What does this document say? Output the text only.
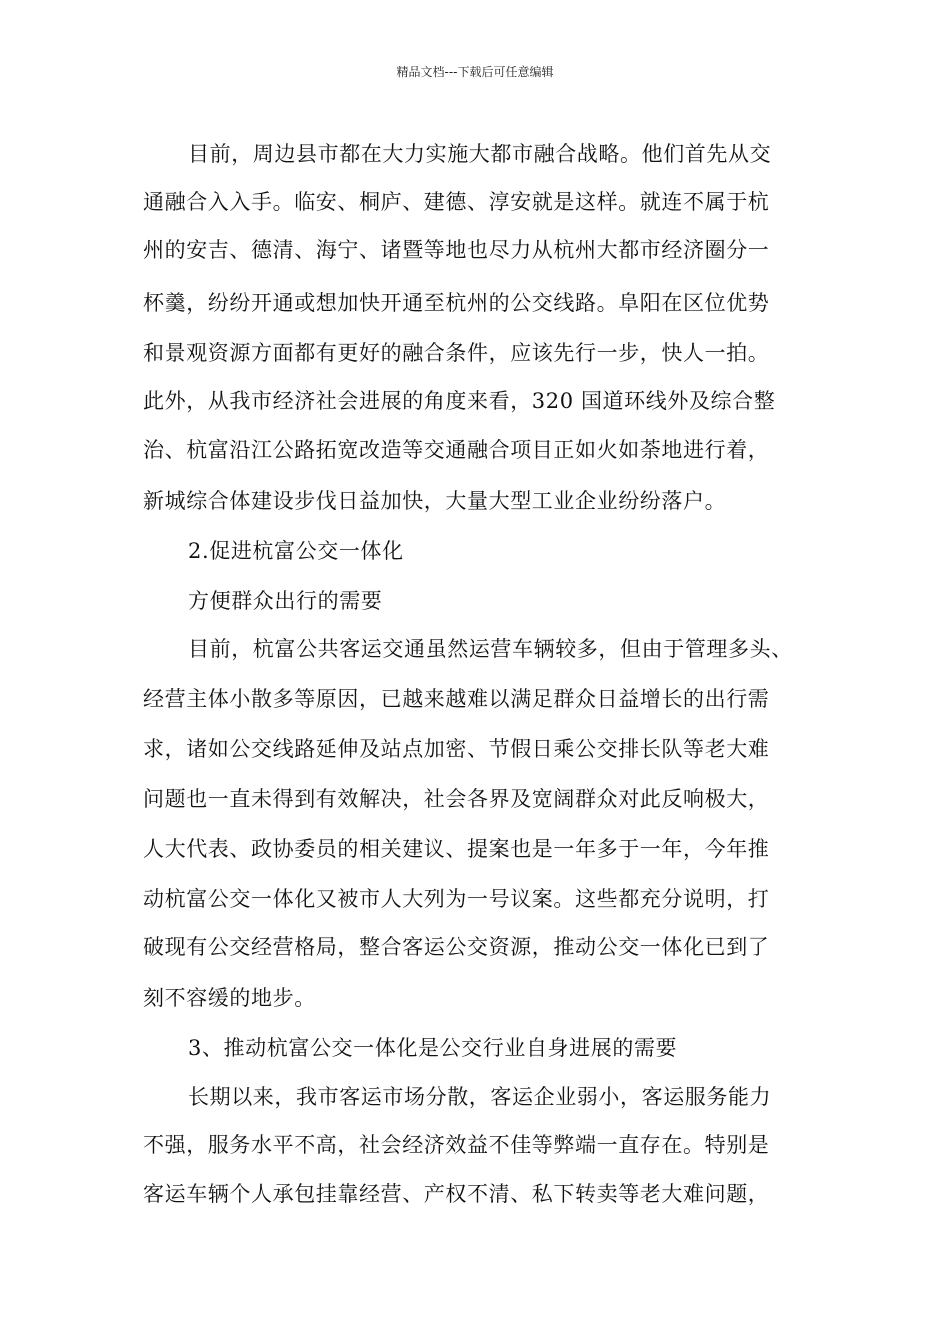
精品文档---下载后可任意编辑
目前，周边县市都在大力实施大都市融合战略。他们首先从交
通融合入入手。临安、桐庐、建德、淳安就是这样。就连不属于杭
州的安吉、德清、海宁、诸暨等地也尽力从杭州大都市经济圈分一
杯羹，纷纷开通或想加快开通至杭州的公交线路。阜阳在区位优势
和景观资源方面都有更好的融合条件，应该先行一步，快人一拍。
此外，从我市经济社会进展的角度来看，320 国道环线外及综合整
治、杭富沿江公路拓宽改造等交通融合项目正如火如荼地进行着，
新城综合体建设步伐日益加快，大量大型工业企业纷纷落户。
2.促进杭富公交一体化
方便群众出行的需要
目前，杭富公共客运交通虽然运营车辆较多，但由于管理多头、
经营主体小散多等原因，已越来越难以满足群众日益增长的出行需
求，诸如公交线路延伸及站点加密、节假日乘公交排长队等老大难
问题也一直未得到有效解决，社会各界及宽阔群众对此反响极大，
人大代表、政协委员的相关建议、提案也是一年多于一年，今年推
动杭富公交一体化又被市人大列为一号议案。这些都充分说明，打
破现有公交经营格局，整合客运公交资源，推动公交一体化已到了
刻不容缓的地步。
3、推动杭富公交一体化是公交行业自身进展的需要
长期以来，我市客运市场分散，客运企业弱小，客运服务能力
不强，服务水平不高，社会经济效益不佳等弊端一直存在。特别是
客运车辆个人承包挂靠经营、产权不清、私下转卖等老大难问题，
